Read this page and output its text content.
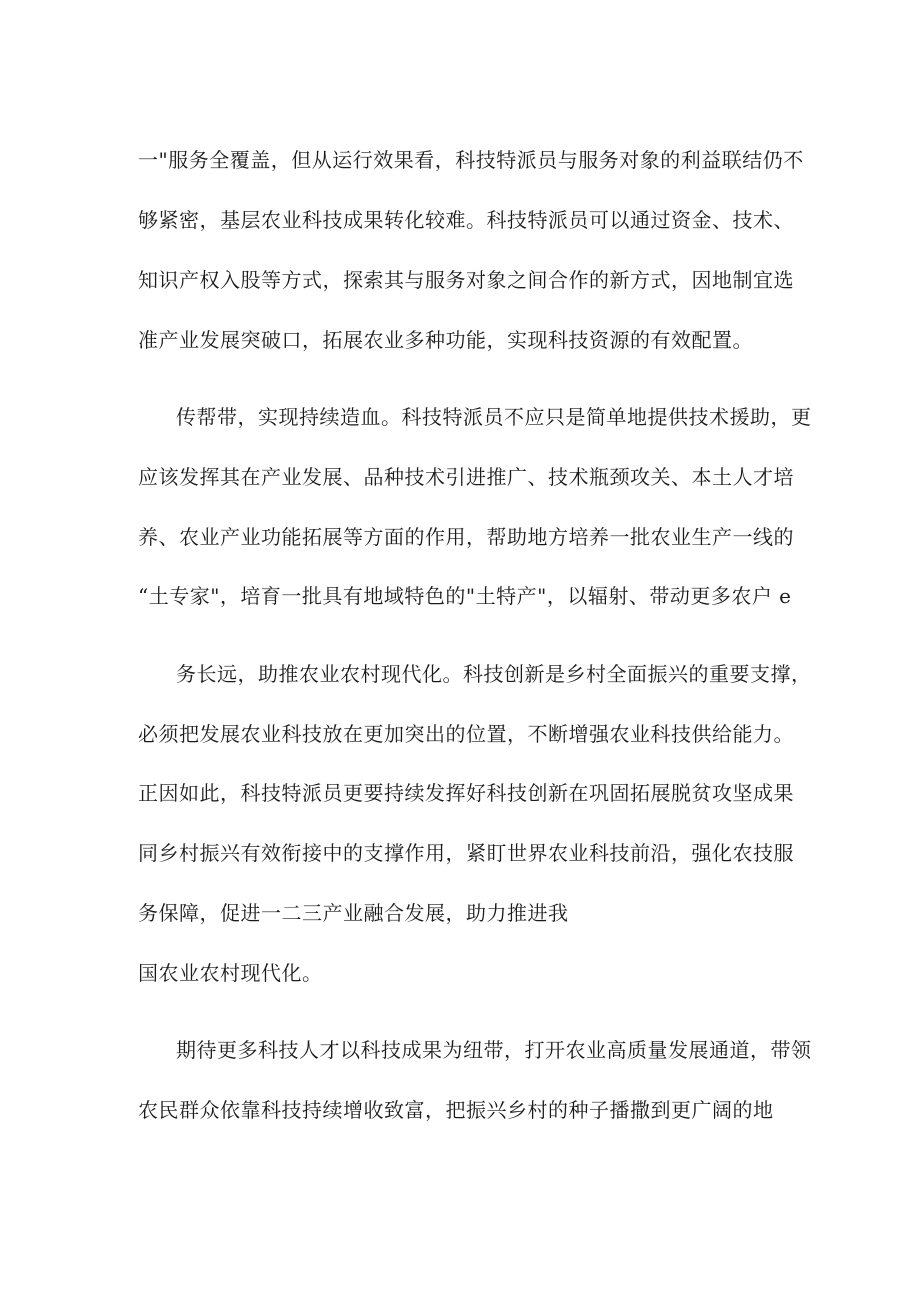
一"服务全覆盖，但从运行效果看，科技特派员与服务对象的利益联结仍不
够紧密，基层农业科技成果转化较难。科技特派员可以通过资金、技术、
知识产权入股等方式，探索其与服务对象之间合作的新方式，因地制宜选
准产业发展突破口，拓展农业多种功能，实现科技资源的有效配置。
传帮带，实现持续造血。科技特派员不应只是简单地提供技术援助，更
应该发挥其在产业发展、品种技术引进推广、技术瓶颈攻关、本土人才培
养、农业产业功能拓展等方面的作用，帮助地方培养一批农业生产一线的
“土专家"，培育一批具有地域特色的"土特产"，以辐射、带动更多农户 e
务长远，助推农业农村现代化。科技创新是乡村全面振兴的重要支撑，
必须把发展农业科技放在更加突出的位置，不断增强农业科技供给能力。
正因如此，科技特派员更要持续发挥好科技创新在巩固拓展脱贫攻坚成果
同乡村振兴有效衔接中的支撑作用，紧盯世界农业科技前沿，强化农技服
务保障，促进一二三产业融合发展，助力推进我
国农业农村现代化。
期待更多科技人才以科技成果为纽带，打开农业高质量发展通道，带领
农民群众依靠科技持续增收致富，把振兴乡村的种子播撒到更广阔的地
